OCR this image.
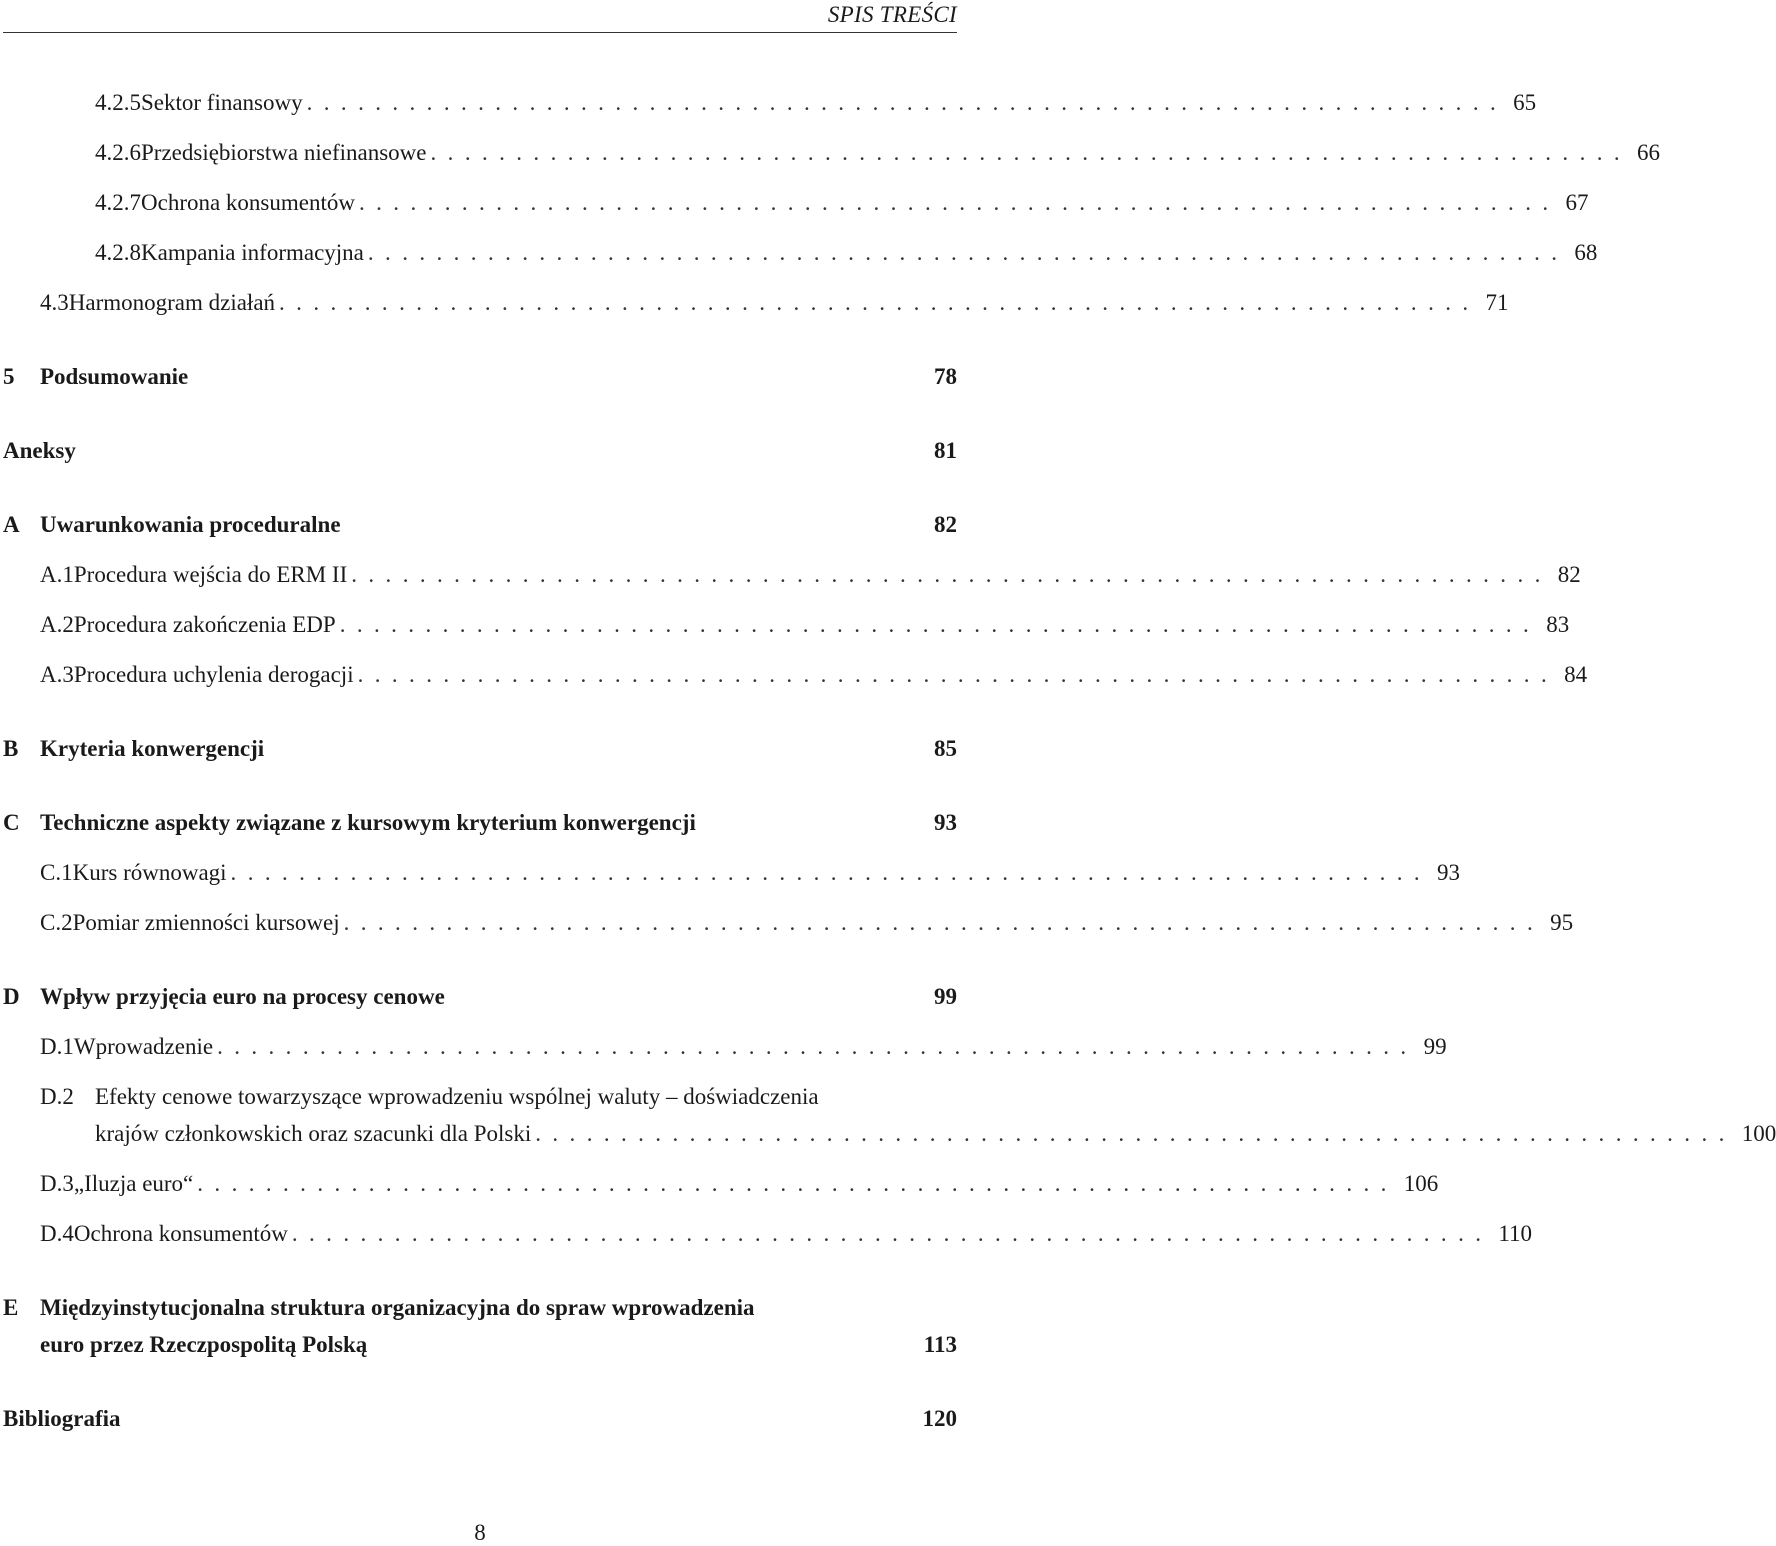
SPIS TREŚCI
4.2.5 Sektor finansowy ...................................................................... 65
4.2.6 Przedsiębiorstwa niefinansowe ...................................................................... 66
4.2.7 Ochrona konsumentów ...................................................................... 67
4.2.8 Kampania informacyjna ...................................................................... 68
4.3 Harmonogram działań ...................................................................... 71
5	Podsumowanie	78
Aneksy	81
A Uwarunkowania proceduralne	82
A.1 Procedura wejścia do ERM II ...................................................................... 82
A.2 Procedura zakończenia EDP ...................................................................... 83
A.3 Procedura uchylenia derogacji ...................................................................... 84
B Kryteria konwergencji	85
C Techniczne aspekty związane z kursowym kryterium konwergencji	93
C.1 Kurs równowagi ...................................................................... 93
C.2 Pomiar zmienności kursowej ...................................................................... 95
D Wpływ przyjęcia euro na procesy cenowe	99
D.1 Wprowadzenie ...................................................................... 99
D.2 Efekty cenowe towarzyszące wprowadzeniu wspólnej waluty – doświadczenia
krajów członkowskich oraz szacunki dla Polski ...................................................................... 100
D.3 „Iluzja euro“ ...................................................................... 106
D.4 Ochrona konsumentów ...................................................................... 110
E Międzyinstytucjonalna struktura organizacyjna do spraw wprowadzenia
euro przez Rzeczpospolitą Polską	113
Bibliografia	120
8
